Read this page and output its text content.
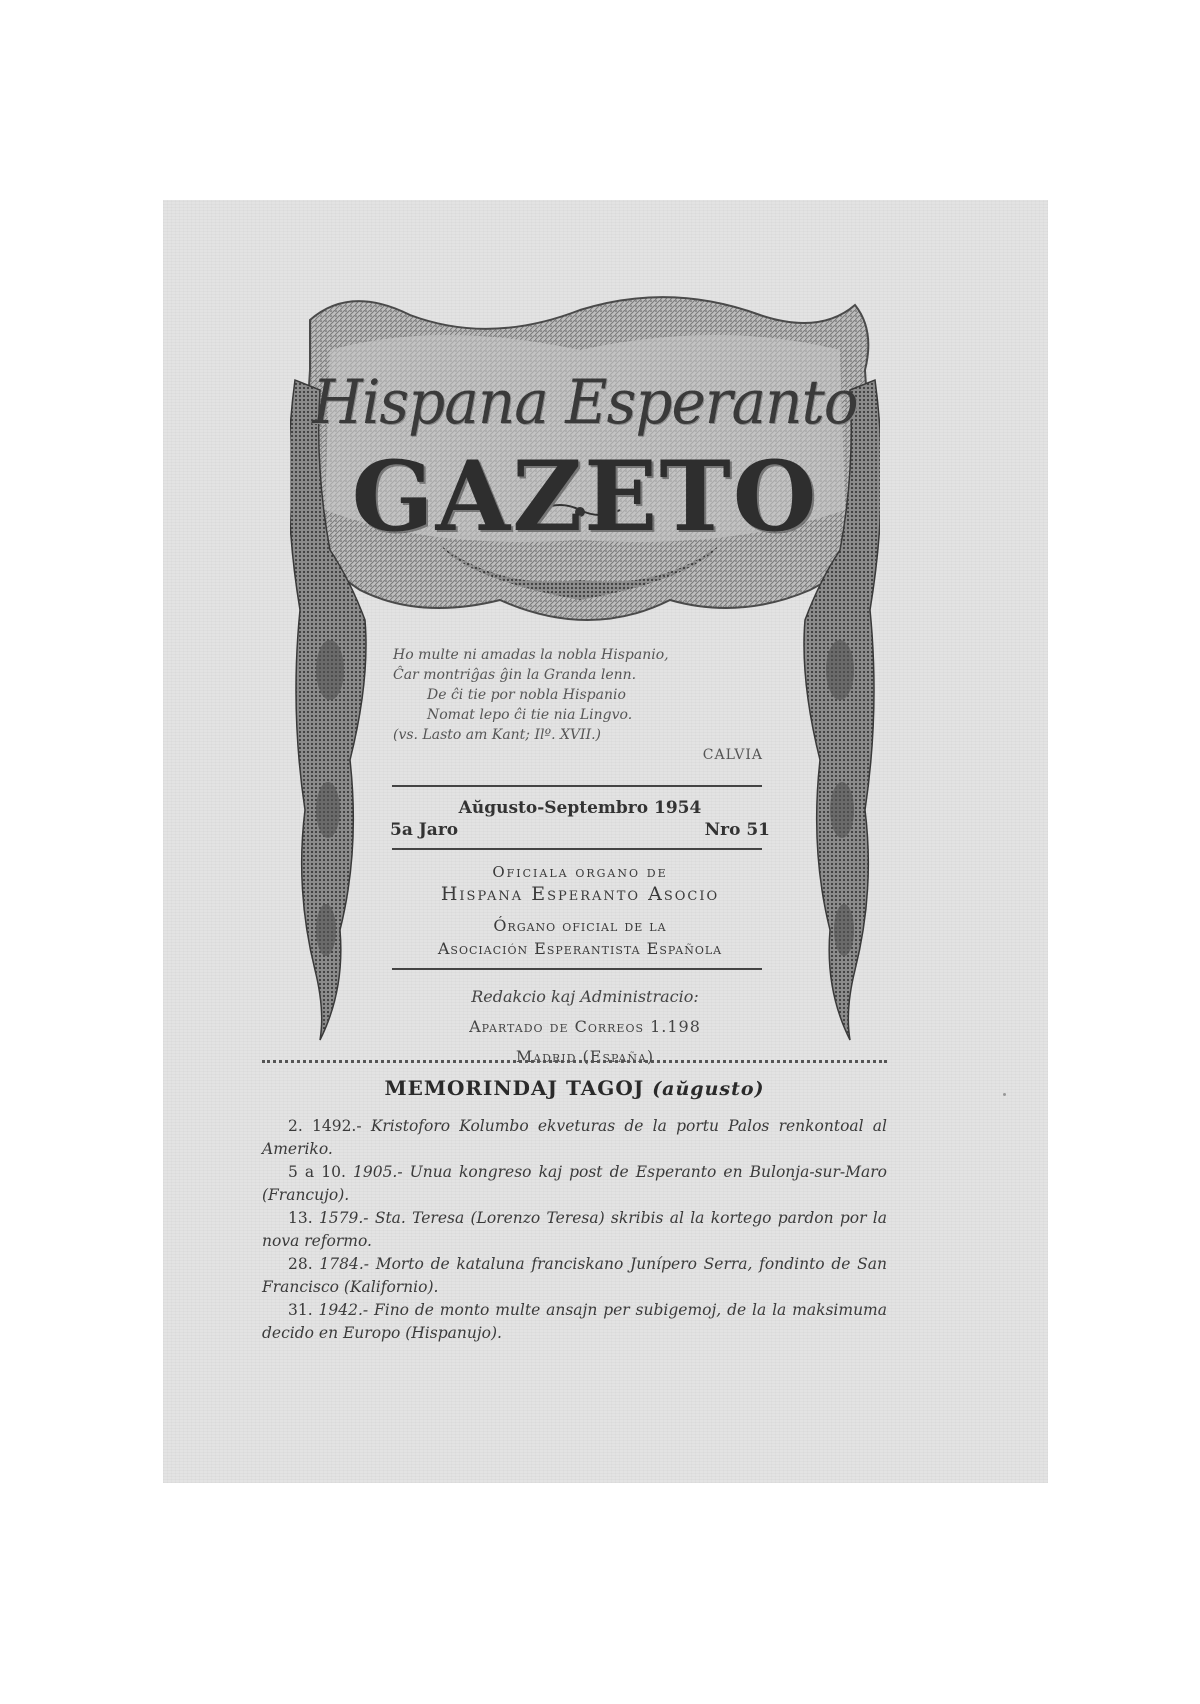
Hispana Esperanto
GAZETO
Ho multe ni amadas la nobla Hispanio,
Ĉar montriĝas ĝin la Granda lenn.
De ĉi tie por nobla Hispanio
Nomat lepo ĉi tie nia Lingvo.
(vs. Lasto am Kant; Ilº. XVII.)
CALVIA
Aŭgusto-Septembro 1954
5a Jaro	Nro 51
Oficiala organo de
Hispana Esperanto Asocio
Órgano oficial de la
Asociación Esperantista Española
Redakcio kaj Administracio:
Apartado de Correos 1.198
Madrid (España)
MEMORINDAJ TAGOJ (aŭgusto)

2. 1492.- Kristoforo Kolumbo ekveturas de la portu Palos renkontoal al Ameriko.

5 a 10. 1905.- Unua kongreso kaj post de Esperanto en Bulonja-sur-Maro (Francujo).

13. 1579.- Sta. Teresa (Lorenzo Teresa) skribis al la kortego pardon por la nova reformo.

28. 1784.- Morto de kataluna franciskano Junípero Serra, fondinto de San Francisco (Kalifornio).

31. 1942.- Fino de monto multe ansajn per subigemoj, de la la maksimuma decido en Europo (Hispanujo).
